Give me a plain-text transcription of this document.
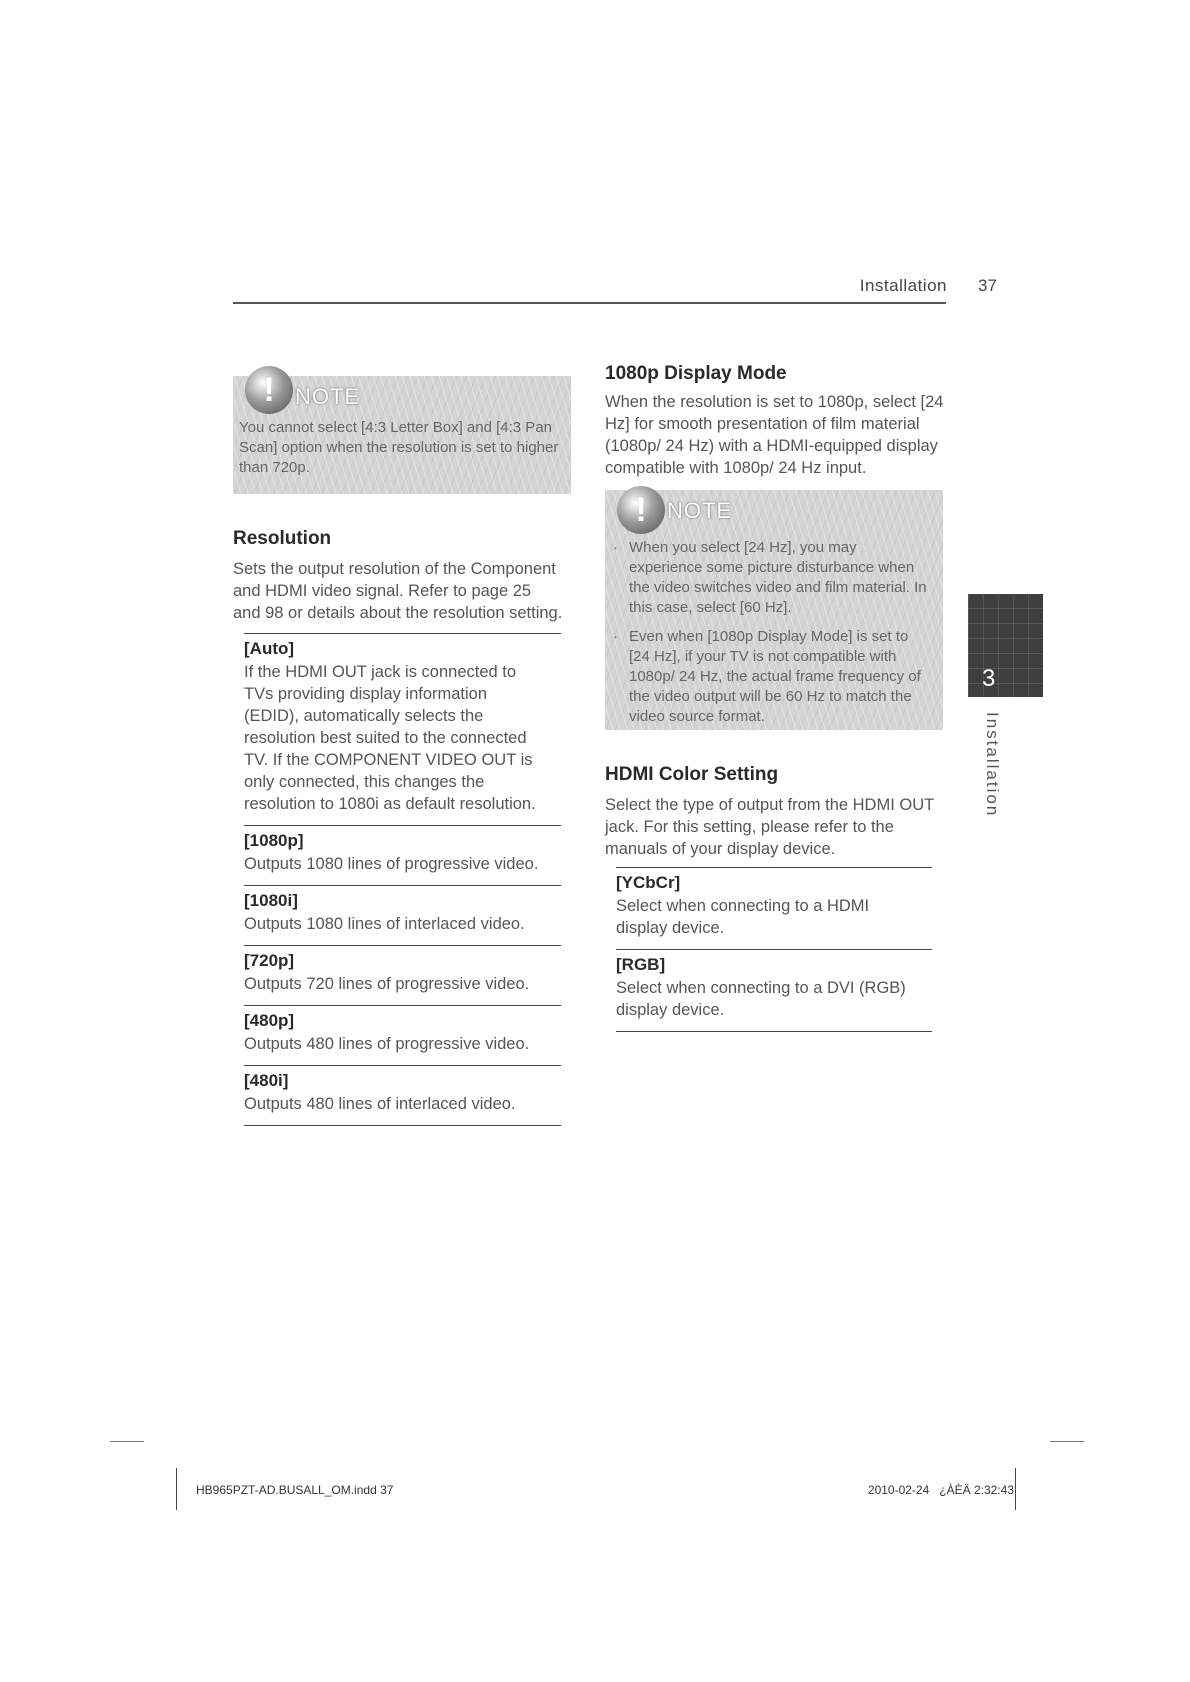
Installation 37
! NOTE
You cannot select [4:3 Letter Box] and [4:3 Pan Scan] option when the resolution is set to higher than 720p.
Resolution
Sets the output resolution of the Component and HDMI video signal. Refer to page 25 and 98 or details about the resolution setting.
[Auto]
If the HDMI OUT jack is connected to TVs providing display information (EDID), automatically selects the resolution best suited to the connected TV. If the COMPONENT VIDEO OUT is only connected, this changes the resolution to 1080i as default resolution.
[1080p]
Outputs 1080 lines of progressive video.
[1080i]
Outputs 1080 lines of interlaced video.
[720p]
Outputs 720 lines of progressive video.
[480p]
Outputs 480 lines of progressive video.
[480i]
Outputs 480 lines of interlaced video.
1080p Display Mode
When the resolution is set to 1080p, select [24 Hz] for smooth presentation of film material (1080p/ 24 Hz) with a HDMI-equipped display compatible with 1080p/ 24 Hz input.
! NOTE
· When you select [24 Hz], you may experience some picture disturbance when the video switches video and film material. In this case, select [60 Hz].
· Even when [1080p Display Mode] is set to [24 Hz], if your TV is not compatible with 1080p/ 24 Hz, the actual frame frequency of the video output will be 60 Hz to match the video source format.
HDMI Color Setting
Select the type of output from the HDMI OUT jack. For this setting, please refer to the manuals of your display device.
[YCbCr]
Select when connecting to a HDMI display device.
[RGB]
Select when connecting to a DVI (RGB) display device.
3
Installation
HB965PZT-AD.BUSALL_OM.indd 37	2010-02-24   ¿ÀÈÄ 2:32:43
